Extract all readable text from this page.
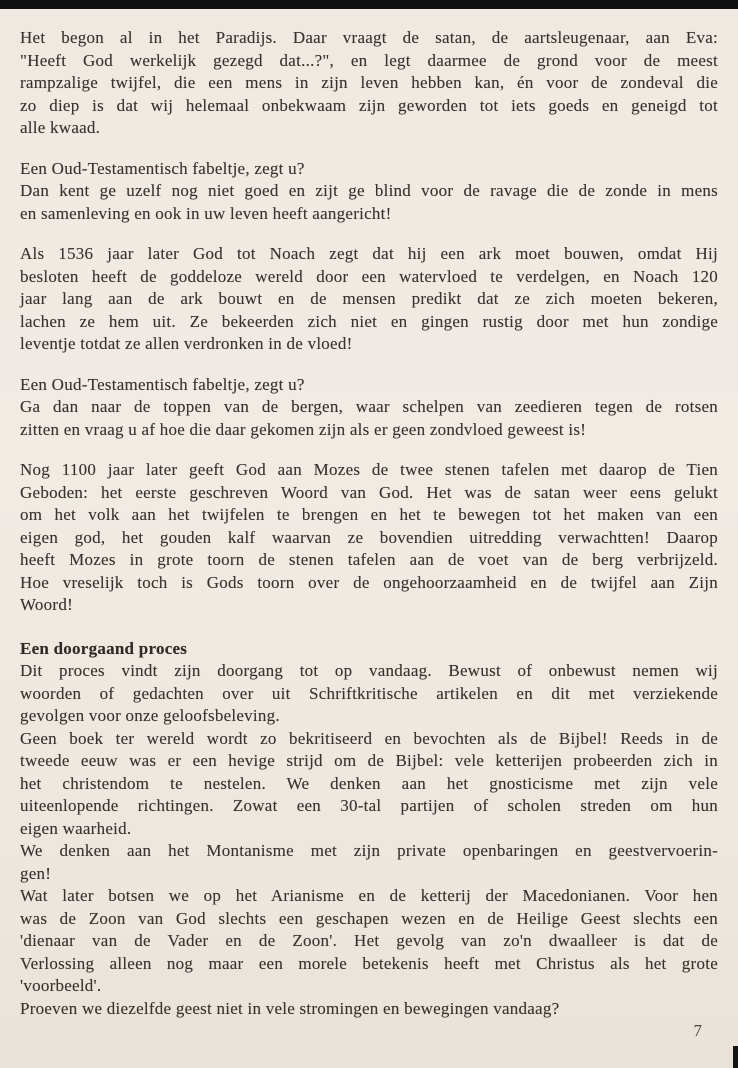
Het begon al in het Paradijs. Daar vraagt de satan, de aartsleugenaar, aan Eva:
"Heeft God werkelijk gezegd dat...?", en legt daarmee de grond voor de meest
rampzalige twijfel, die een mens in zijn leven hebben kan, én voor de zondeval die
zo diep is dat wij helemaal onbekwaam zijn geworden tot iets goeds en geneigd tot
alle kwaad.
Een Oud-Testamentisch fabeltje, zegt u?
Dan kent ge uzelf nog niet goed en zijt ge blind voor de ravage die de zonde in mens
en samenleving en ook in uw leven heeft aangericht!
Als 1536 jaar later God tot Noach zegt dat hij een ark moet bouwen, omdat Hij
besloten heeft de goddeloze wereld door een watervloed te verdelgen, en Noach 120
jaar lang aan de ark bouwt en de mensen predikt dat ze zich moeten bekeren,
lachen ze hem uit. Ze bekeerden zich niet en gingen rustig door met hun zondige
leventje totdat ze allen verdronken in de vloed!
Een Oud-Testamentisch fabeltje, zegt u?
Ga dan naar de toppen van de bergen, waar schelpen van zeedieren tegen de rotsen
zitten en vraag u af hoe die daar gekomen zijn als er geen zondvloed geweest is!
Nog 1100 jaar later geeft God aan Mozes de twee stenen tafelen met daarop de Tien
Geboden: het eerste geschreven Woord van God. Het was de satan weer eens gelukt
om het volk aan het twijfelen te brengen en het te bewegen tot het maken van een
eigen god, het gouden kalf waarvan ze bovendien uitredding verwachtten! Daarop
heeft Mozes in grote toorn de stenen tafelen aan de voet van de berg verbrijzeld.
Hoe vreselijk toch is Gods toorn over de ongehoorzaamheid en de twijfel aan Zijn
Woord!
Een doorgaand proces
Dit proces vindt zijn doorgang tot op vandaag. Bewust of onbewust nemen wij
woorden of gedachten over uit Schriftkritische artikelen en dit met verziekende
gevolgen voor onze geloofsbeleving.
Geen boek ter wereld wordt zo bekritiseerd en bevochten als de Bijbel! Reeds in de
tweede eeuw was er een hevige strijd om de Bijbel: vele ketterijen probeerden zich in
het christendom te nestelen. We denken aan het gnosticisme met zijn vele
uiteenlopende richtingen. Zowat een 30-tal partijen of scholen streden om hun
eigen waarheid.
We denken aan het Montanisme met zijn private openbaringen en geestvervoerin-
gen!
Wat later botsen we op het Arianisme en de ketterij der Macedonianen. Voor hen
was de Zoon van God slechts een geschapen wezen en de Heilige Geest slechts een
'dienaar van de Vader en de Zoon'. Het gevolg van zo'n dwaalleer is dat de
Verlossing alleen nog maar een morele betekenis heeft met Christus als het grote
'voorbeeld'.
Proeven we diezelfde geest niet in vele stromingen en bewegingen vandaag?
7
